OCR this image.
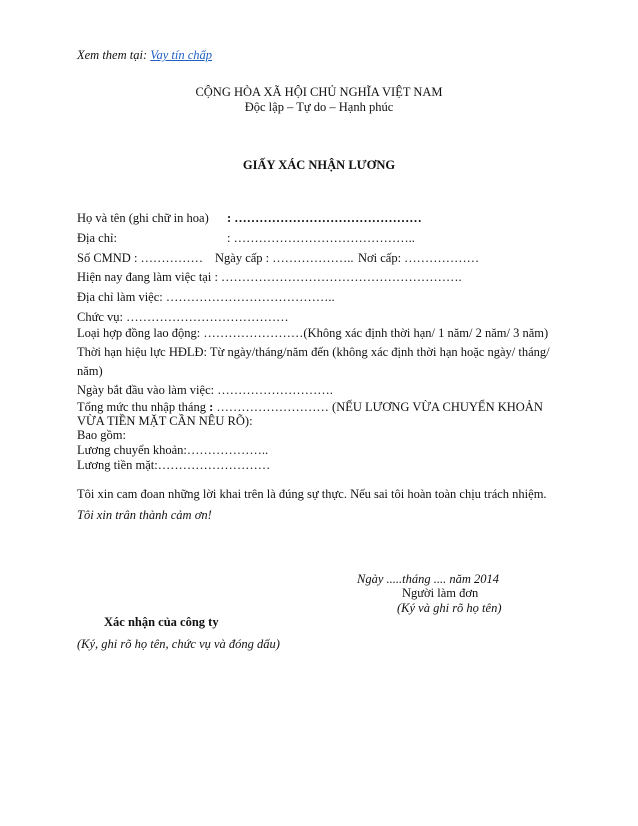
Xem them tại: Vay tín chấp
CỘNG HÒA XÃ HỘI CHỦ NGHĨA VIỆT NAM
Độc lập – Tự do – Hạnh phúc
GIẤY XÁC NHẬN LƯƠNG
Họ và tên (ghi chữ in hoa) : ………………………………………
Địa chỉ:	: ……………………………………..
Số CMND : …………… Ngày cấp : ……………….. Nơi cấp: ………………
Hiện nay đang làm việc tại : ………………………………………………….
Địa chỉ làm việc: …………………………………..
Chức vụ: …………………………………
Loại hợp đồng lao động: ……………………(Không xác định thời hạn/ 1 năm/ 2 năm/ 3 năm)
Thời hạn hiệu lực HĐLĐ: Từ ngày/tháng/năm đến (không xác định thời hạn hoặc ngày/ tháng/
năm)
Ngày bắt đầu vào làm việc: ……………………….
Tổng mức thu nhập tháng : ……………………… (NẾU LƯƠNG VỪA CHUYỂN KHOẢN
VỪA TIỀN MẶT CẦN NÊU RÕ):
Bao gồm:
Lương chuyển khoản:………………..
Lương tiền mặt:………………………
Tôi xin cam đoan những lời khai trên là đúng sự thực. Nếu sai tôi hoàn toàn chịu trách nhiệm.
Tôi xin trân thành cảm ơn!
Ngày .....tháng .... năm 2014
Người làm đơn
(Ký và ghi rõ họ tên)
Xác nhận của công ty
(Ký, ghi rõ họ tên, chức vụ và đóng dấu)
